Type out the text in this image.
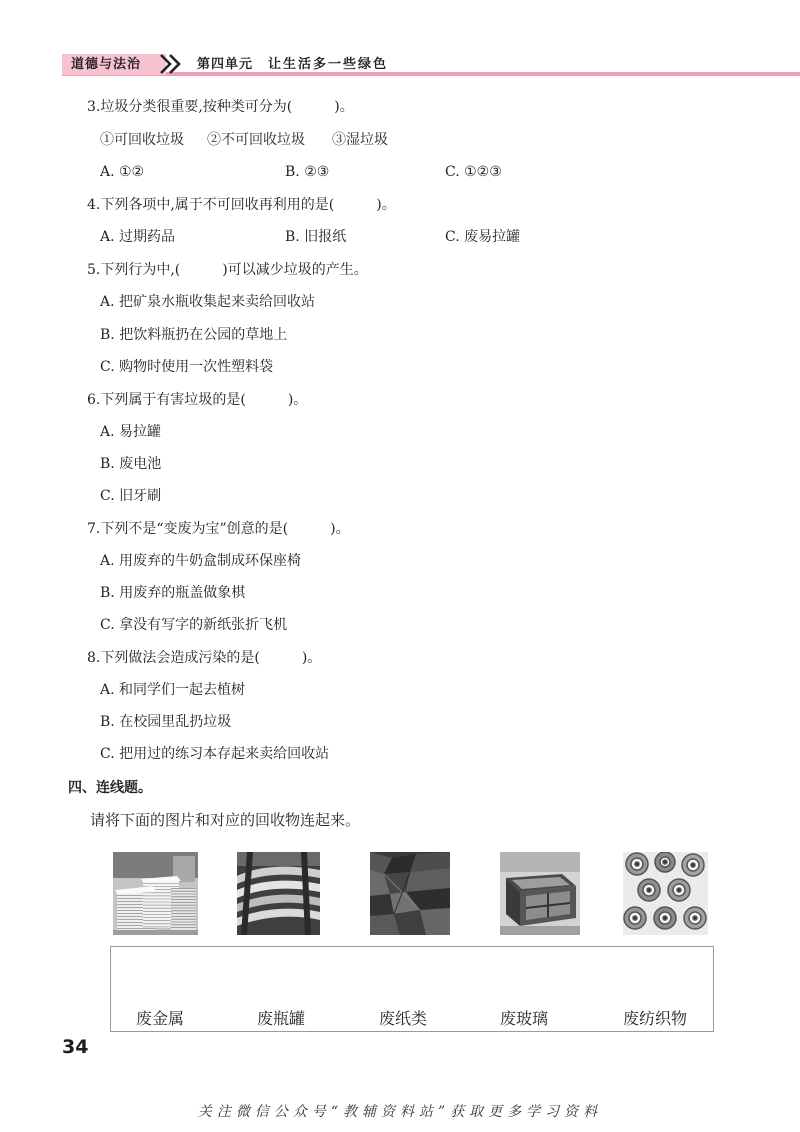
道德与法治	第四单元 让生活多一些绿色
3.垃圾分类很重要,按种类可分为(　　　)。
①可回收垃圾 ②不可回收垃圾 ③湿垃圾
A. ①②	B. ②③	C. ①②③
4.下列各项中,属于不可回收再利用的是(　　　)。
A. 过期药品	B. 旧报纸	C. 废易拉罐
5.下列行为中,(　　　)可以减少垃圾的产生。
A. 把矿泉水瓶收集起来卖给回收站
B. 把饮料瓶扔在公园的草地上
C. 购物时使用一次性塑料袋
6.下列属于有害垃圾的是(　　　)。
A. 易拉罐
B. 废电池
C. 旧牙刷
7.下列不是“变废为宝”创意的是(　　　)。
A. 用废弃的牛奶盒制成环保座椅
B. 用废弃的瓶盖做象棋
C. 拿没有写字的新纸张折飞机
8.下列做法会造成污染的是(　　　)。
A. 和同学们一起去植树
B. 在校园里乱扔垃圾
C. 把用过的练习本存起来卖给回收站
四、连线题。
请将下面的图片和对应的回收物连起来。
废金属	废瓶罐	废纸类	废玻璃	废纺织物
34
关注微信公众号“教辅资料站”获取更多学习资料
